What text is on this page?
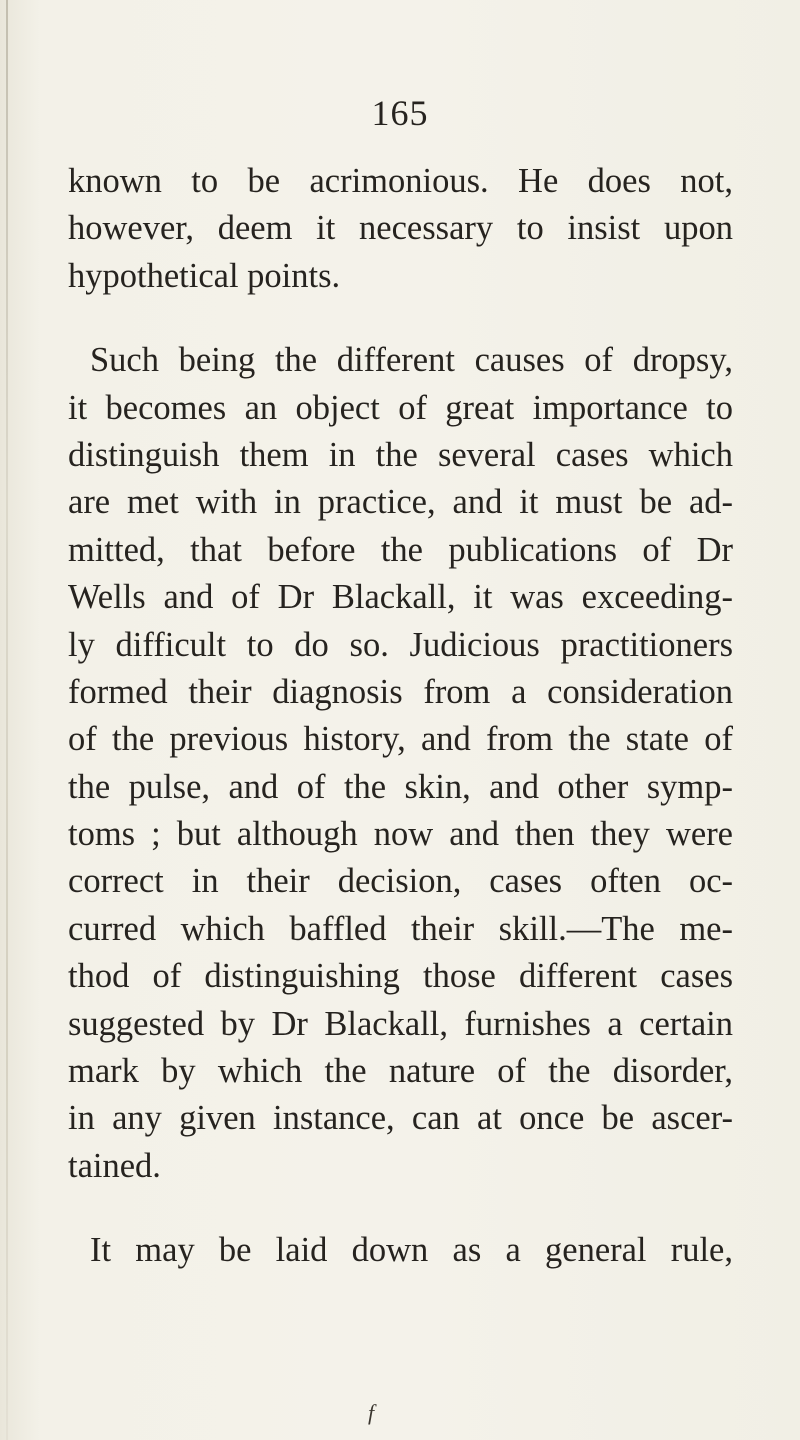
165
known to be acrimonious. He does not,
however, deem it necessary to insist upon
hypothetical points.
Such being the different causes of dropsy,
it becomes an object of great importance to
distinguish them in the several cases which
are met with in practice, and it must be ad-
mitted, that before the publications of Dr
Wells and of Dr Blackall, it was exceeding-
ly difficult to do so. Judicious practitioners
formed their diagnosis from a consideration
of the previous history, and from the state of
the pulse, and of the skin, and other symp-
toms ; but although now and then they were
correct in their decision, cases often oc-
curred which baffled their skill.—The me-
thod of distinguishing those different cases
suggested by Dr Blackall, furnishes a certain
mark by which the nature of the disorder,
in any given instance, can at once be ascer-
tained.
It may be laid down as a general rule,
f
